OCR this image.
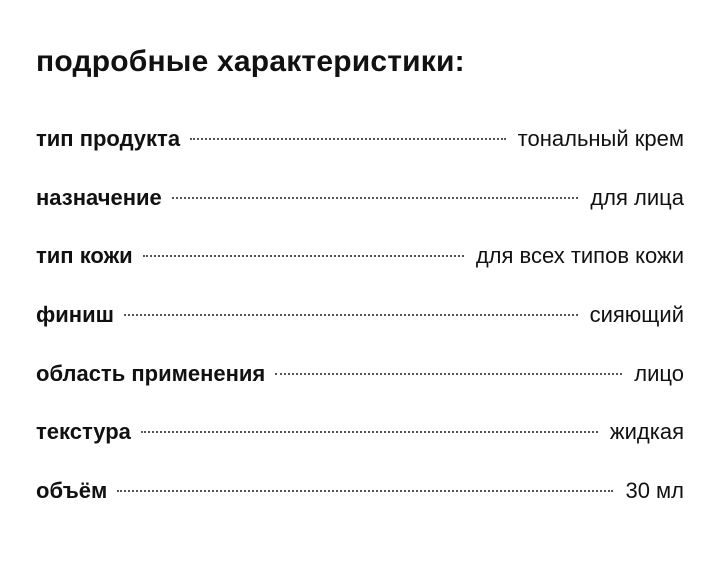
подробные характеристики:
тип продукта	тональный крем
назначение	для лица
тип кожи	для всех типов кожи
финиш	сияющий
область применения	лицо
текстура	жидкая
объём	30 мл
